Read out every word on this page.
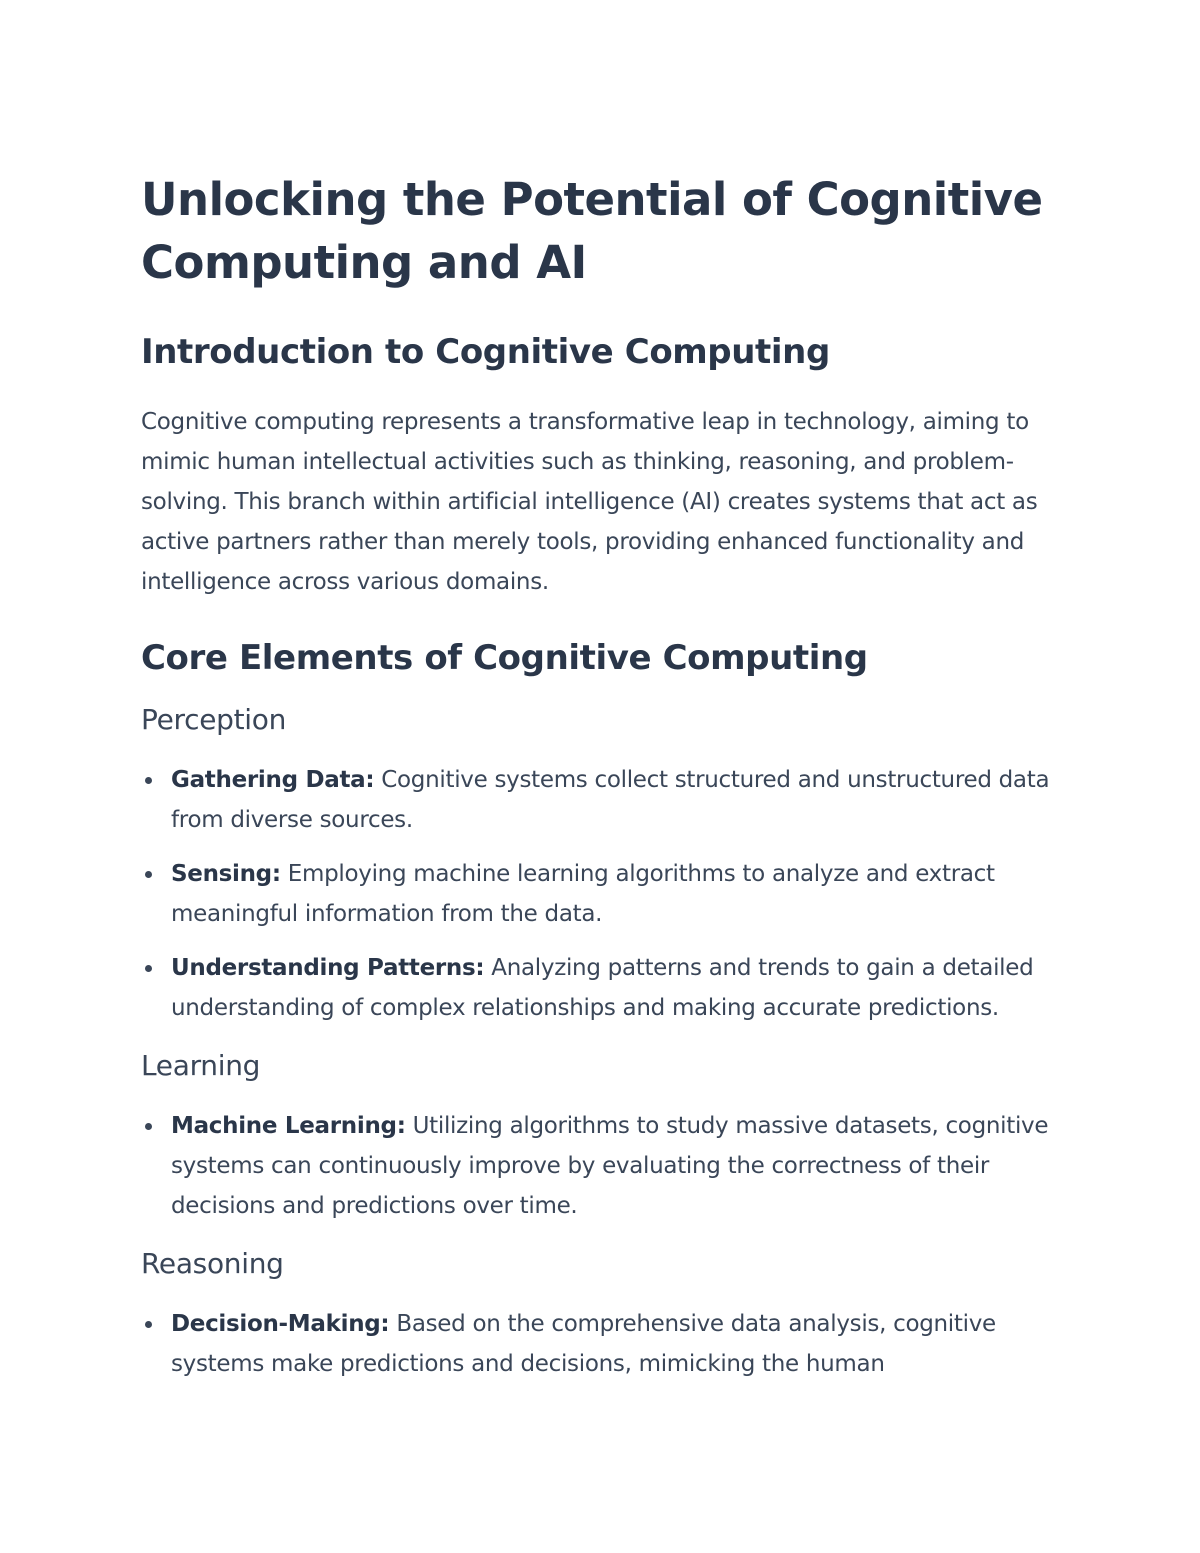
Unlocking the Potential of Cognitive Computing and AI
Introduction to Cognitive Computing

Cognitive computing represents a transformative leap in technology, aiming to mimic human intellectual activities such as thinking, reasoning, and problem-solving. This branch within artificial intelligence (AI) creates systems that act as active partners rather than merely tools, providing enhanced functionality and intelligence across various domains.

Core Elements of Cognitive Computing
Perception
Gathering Data: Cognitive systems collect structured and unstructured data from diverse sources.
Sensing: Employing machine learning algorithms to analyze and extract meaningful information from the data.
Understanding Patterns: Analyzing patterns and trends to gain a detailed understanding of complex relationships and making accurate predictions.
Learning
Machine Learning: Utilizing algorithms to study massive datasets, cognitive systems can continuously improve by evaluating the correctness of their decisions and predictions over time.
Reasoning
Decision-Making: Based on the comprehensive data analysis, cognitive systems make predictions and decisions, mimicking the human
